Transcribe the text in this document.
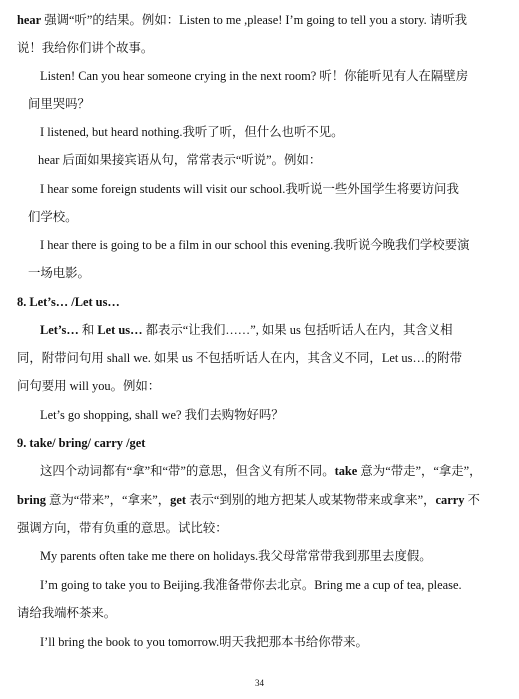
hear 强调“听”的结果。例如：Listen to me ,please! I’m going to tell you a story. 请听我
说！我给你们讲个故事。
Listen! Can you hear someone crying in the next room? 听！你能听见有人在隔壁房
间里哭吗？
I listened, but heard nothing.我听了听，但什么也听不见。
hear 后面如果接宾语从句，常常表示“听说”。例如：
I hear some foreign students will visit our school.我听说一些外国学生将要访问我
们学校。
I hear there is going to be a film in our school this evening.我听说今晚我们学校要演
一场电影。
8. Let’s… /Let us…
Let’s… 和 Let us… 都表示“让我们……”, 如果 us 包括听话人在内，其含义相
同，附带问句用 shall we. 如果 us 不包括听话人在内，其含义不同，Let us…的附带
问句要用 will you。例如：
Let’s go shopping, shall we? 我们去购物好吗？
9. take/ bring/ carry /get
这四个动词都有“拿”和“带”的意思，但含义有所不同。take 意为“带走”，“拿走”，
bring 意为“带来”，“拿来”，get 表示“到别的地方把某人或某物带来或拿来”，carry 不
强调方向，带有负重的意思。试比较：
My parents often take me there on holidays.我父母常常带我到那里去度假。
I’m going to take you to Beijing.我准备带你去北京。Bring me a cup of tea, please.
请给我端杯茶来。
I’ll bring the book to you tomorrow.明天我把那本书给你带来。
34
